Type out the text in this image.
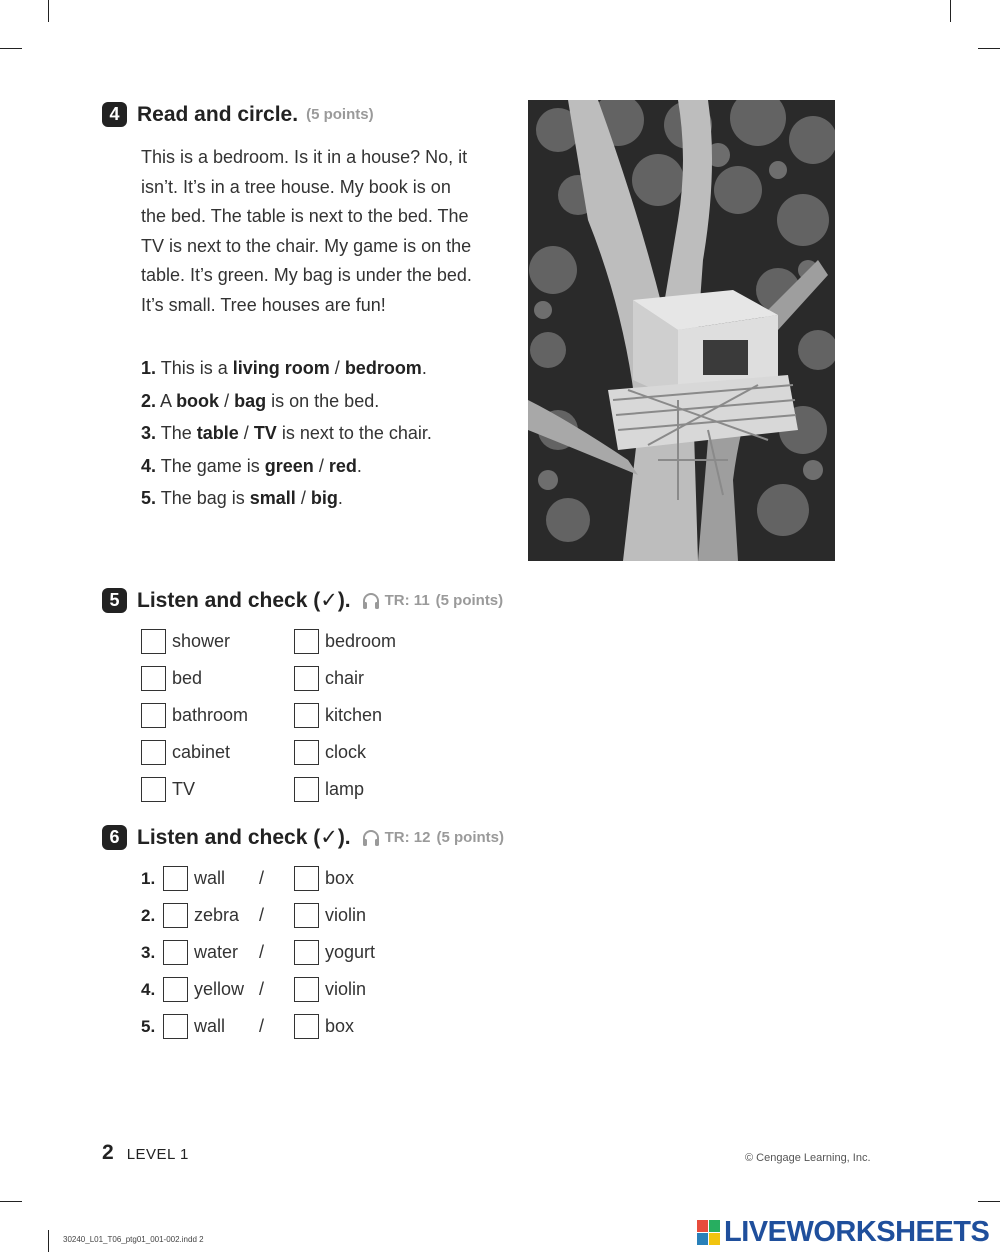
4 Read and circle. (5 points)

This is a bedroom. Is it in a house? No, it isn’t. It’s in a tree house. My book is on the bed. The table is next to the bed. The TV is next to the chair. My game is on the table. It’s green. My bag is under the bed. It’s small. Tree houses are fun!

1. This is a living room / bedroom.
2. A book / bag is on the bed.
3. The table / TV is next to the chair.
4. The game is green / red.
5. The bag is small / big.
5 Listen and check (✓). TR: 11 (5 points)
shower	bedroom
bed	chair
bathroom	kitchen
cabinet	clock
TV	lamp
6 Listen and check (✓). TR: 12 (5 points)
1.	wall /	box
2.	zebra /	violin
3.	water /	yogurt
4.	yellow /	violin
5.	wall /	box
2 LEVEL 1	© Cengage Learning, Inc.
30240_L01_T06_ptg01_001-002.indd 2	LIVEWORKSHEETS
